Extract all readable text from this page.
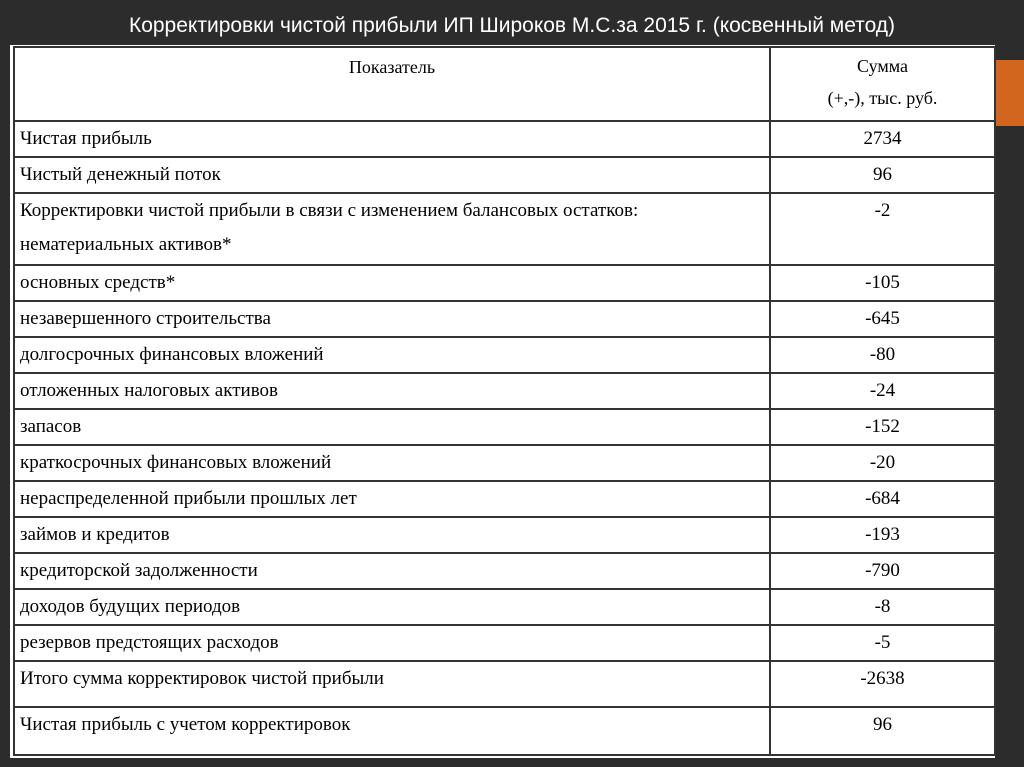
Корректировки чистой прибыли ИП Широков М.С.за 2015 г. (косвенный метод)
Показатель	Сумма
(+,-), тыс. руб.

Чистая прибыль	2734
Чистый денежный поток	96

Корректировки чистой прибыли в связи с изменением балансовых остатков:
нематериальных активов*	-2
основных средств*	-105
незавершенного строительства	-645
долгосрочных финансовых вложений	-80
отложенных налоговых активов	-24
запасов	-152
краткосрочных финансовых вложений	-20
нераспределенной прибыли прошлых лет	-684
займов и кредитов	-193
кредиторской задолженности	-790
доходов будущих периодов	-8
резервов предстоящих расходов	-5
Итого сумма корректировок чистой прибыли	-2638
Чистая прибыль с учетом корректировок	96
